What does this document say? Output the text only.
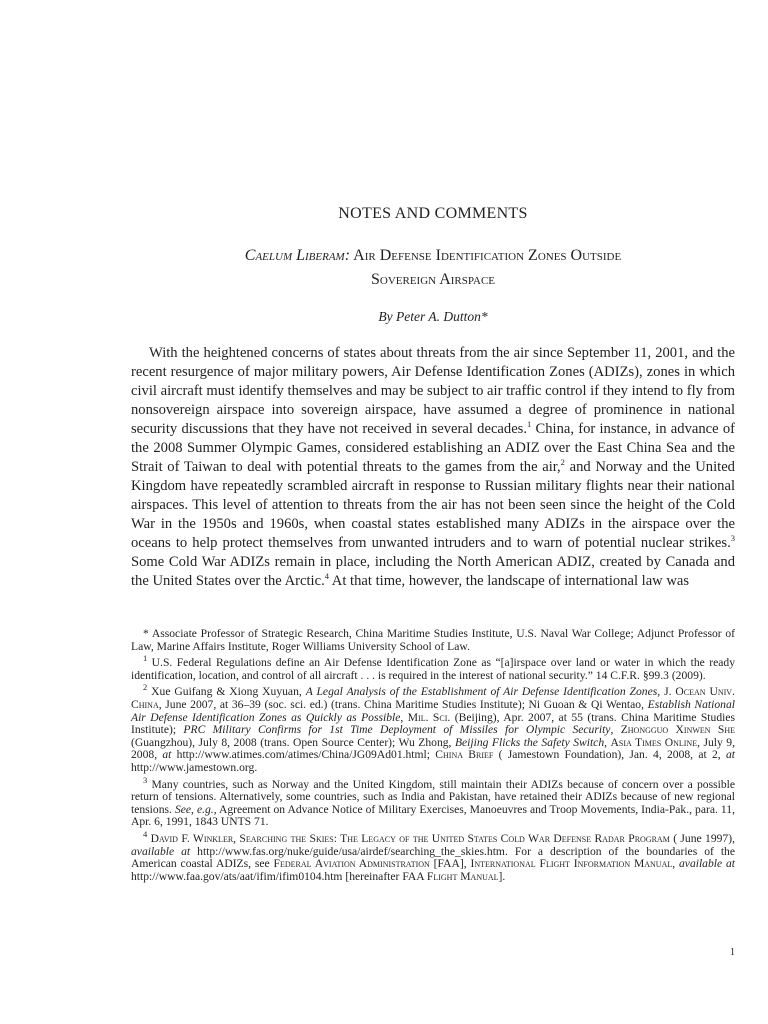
NOTES AND COMMENTS
Caelum Liberam: Air Defense Identification Zones Outside
Sovereign Airspace
By Peter A. Dutton*

With the heightened concerns of states about threats from the air since September 11, 2001, and the recent resurgence of major military powers, Air Defense Identification Zones (ADIZs), zones in which civil aircraft must identify themselves and may be subject to air traffic control if they intend to fly from nonsovereign airspace into sovereign airspace, have assumed a degree of prominence in national security discussions that they have not received in several decades.$^1$ China, for instance, in advance of the 2008 Summer Olympic Games, considered establishing an ADIZ over the East China Sea and the Strait of Taiwan to deal with potential threats to the games from the air,$^2$ and Norway and the United Kingdom have repeatedly scrambled aircraft in response to Russian military flights near their national airspaces. This level of attention to threats from the air has not been seen since the height of the Cold War in the 1950s and 1960s, when coastal states established many ADIZs in the airspace over the oceans to help protect themselves from unwanted intruders and to warn of potential nuclear strikes.$^3$ Some Cold War ADIZs remain in place, including the North American ADIZ, created by Canada and the United States over the Arctic.$^4$ At that time, however, the landscape of international law was

* Associate Professor of Strategic Research, China Maritime Studies Institute, U.S. Naval War College; Adjunct Professor of Law, Marine Affairs Institute, Roger Williams University School of Law.

$^1$ U.S. Federal Regulations define an Air Defense Identification Zone as “[a]irspace over land or water in which the ready identification, location, and control of all aircraft . . . is required in the interest of national security.” 14 C.F.R. §99.3 (2009).

$^2$ Xue Guifang & Xiong Xuyuan, A Legal Analysis of the Establishment of Air Defense Identification Zones, J. Ocean Univ. China, June 2007, at 36–39 (soc. sci. ed.) (trans. China Maritime Studies Institute); Ni Guoan & Qi Wentao, Establish National Air Defense Identification Zones as Quickly as Possible, Mil. Sci. (Beijing), Apr. 2007, at 55 (trans. China Maritime Studies Institute); PRC Military Confirms for 1st Time Deployment of Missiles for Olympic Security, Zhongguo Xinwen She (Guangzhou), July 8, 2008 (trans. Open Source Center); Wu Zhong, Beijing Flicks the Safety Switch, Asia Times Online, July 9, 2008, at http://www.atimes.com/atimes/China/JG09Ad01.html; China Brief ( Jamestown Foundation), Jan. 4, 2008, at 2, at http://www.jamestown.org.

$^3$ Many countries, such as Norway and the United Kingdom, still maintain their ADIZs because of concern over a possible return of tensions. Alternatively, some countries, such as India and Pakistan, have retained their ADIZs because of new regional tensions. See, e.g., Agreement on Advance Notice of Military Exercises, Manoeuvres and Troop Movements, India-Pak., para. 11, Apr. 6, 1991, 1843 UNTS 71.

$^4$ David F. Winkler, Searching the Skies: The Legacy of the United States Cold War Defense Radar Program ( June 1997), available at http://www.fas.org/nuke/guide/usa/airdef/searching_the_skies.htm. For a description of the boundaries of the American coastal ADIZs, see Federal Aviation Administration [FAA], International Flight Information Manual, available at http://www.faa.gov/ats/aat/ifim/ifim0104.htm [hereinafter FAA Flight Manual].

1
